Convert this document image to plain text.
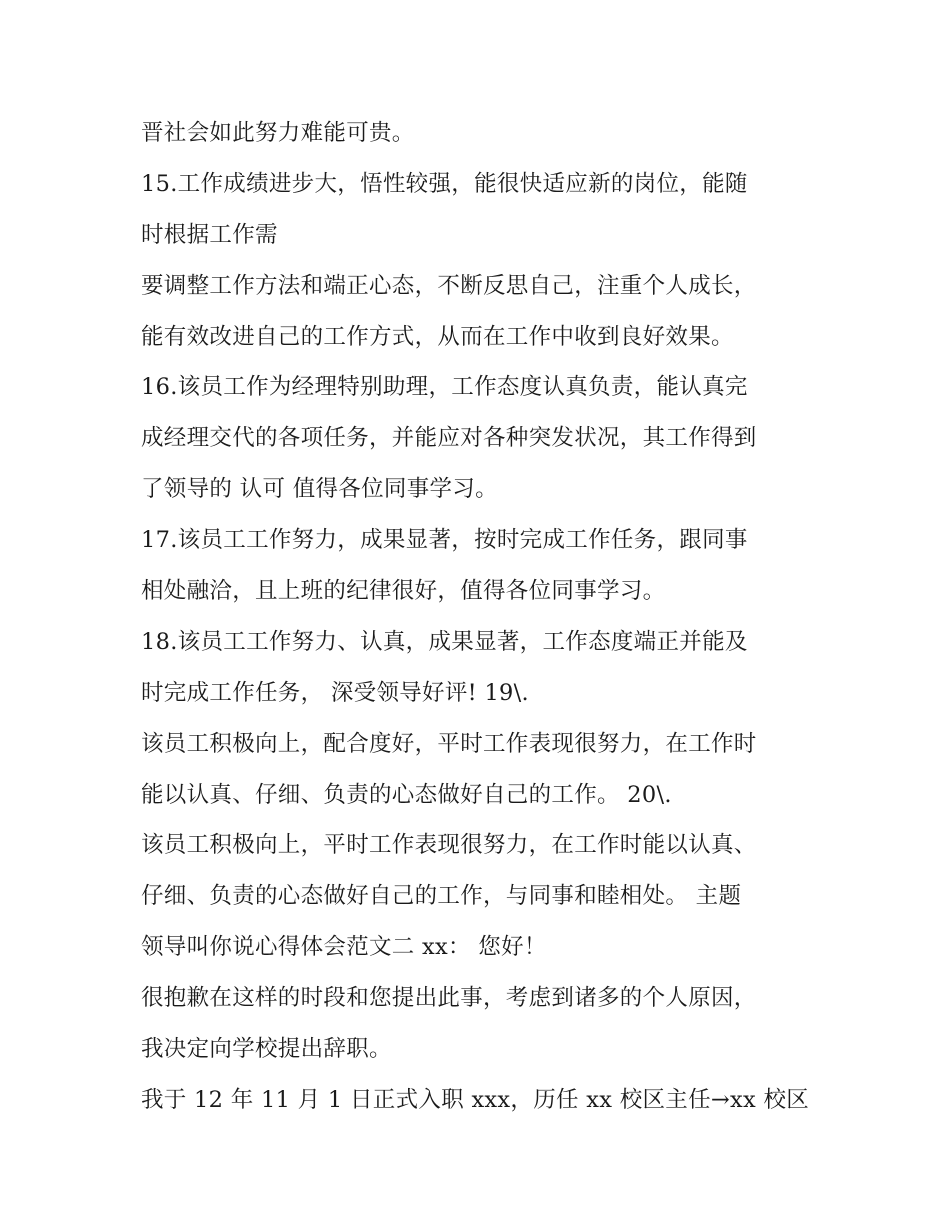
晋社会如此努力难能可贵。
15.工作成绩进步大，悟性较强，能很快适应新的岗位，能随
时根据工作需
要调整工作方法和端正心态，不断反思自己，注重个人成长，
能有效改进自己的工作方式，从而在工作中收到良好效果。
16.该员工作为经理特别助理，工作态度认真负责，能认真完
成经理交代的各项任务，并能应对各种突发状况，其工作得到
了领导的 认可 值得各位同事学习。
17.该员工工作努力，成果显著，按时完成工作任务，跟同事
相处融洽，且上班的纪律很好，值得各位同事学习。
18.该员工工作努力、认真，成果显著，工作态度端正并能及
时完成工作任务， 深受领导好评! 19\.
该员工积极向上，配合度好，平时工作表现很努力，在工作时
能以认真、仔细、负责的心态做好自己的工作。 20\.
该员工积极向上，平时工作表现很努力，在工作时能以认真、
仔细、负责的心态做好自己的工作，与同事和睦相处。 主题
领导叫你说心得体会范文二 xx： 您好！
很抱歉在这样的时段和您提出此事，考虑到诸多的个人原因，
我决定向学校提出辞职。
我于 12 年 11 月 1 日正式入职 xxx，历任 xx 校区主任→xx 校区
